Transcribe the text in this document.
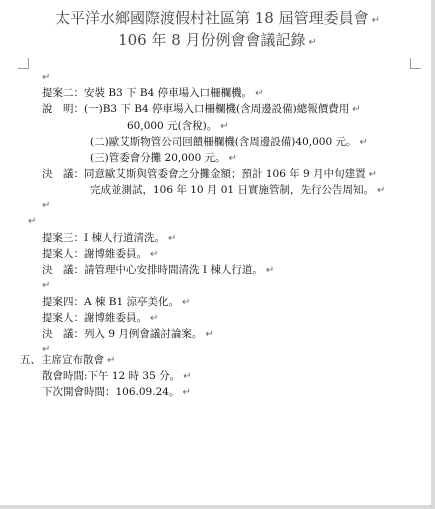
太平洋水鄉國際渡假村社區第 18 屆管理委員會 ↵
106 年 8 月份例會會議記錄 ↵
↵
提案二：安裝 B3 下 B4 停車場入口柵欄機。 ↵
說　明：(一)B3 下 B4 停車場入口柵欄機(含周邊設備)總報價費用 ↵
60,000 元(含稅)。 ↵
(二)歐艾斯物管公司回饋柵欄機(含周邊設備)40,000 元。 ↵
(三)管委會分攤 20,000 元。 ↵
決　議：同意歐艾斯與管委會之分攤金額；預計 106 年 9 月中旬建置 ↵
完成並測試，106 年 10 月 01 日實施管制，先行公告周知。 ↵
↵
↵
提案三：I 棟人行道清洗。 ↵
提案人：謝博維委員。 ↵
決　議：請管理中心安排時間清洗 I 棟人行道。 ↵
↵
提案四：A 棟 B1 涼亭美化。 ↵
提案人：謝博維委員。 ↵
決　議：列入 9 月例會議討論案。 ↵
↵
五、主席宣布散會 ↵
散會時間:下午 12 時 35 分。 ↵
下次開會時間：106.09.24。 ↵
